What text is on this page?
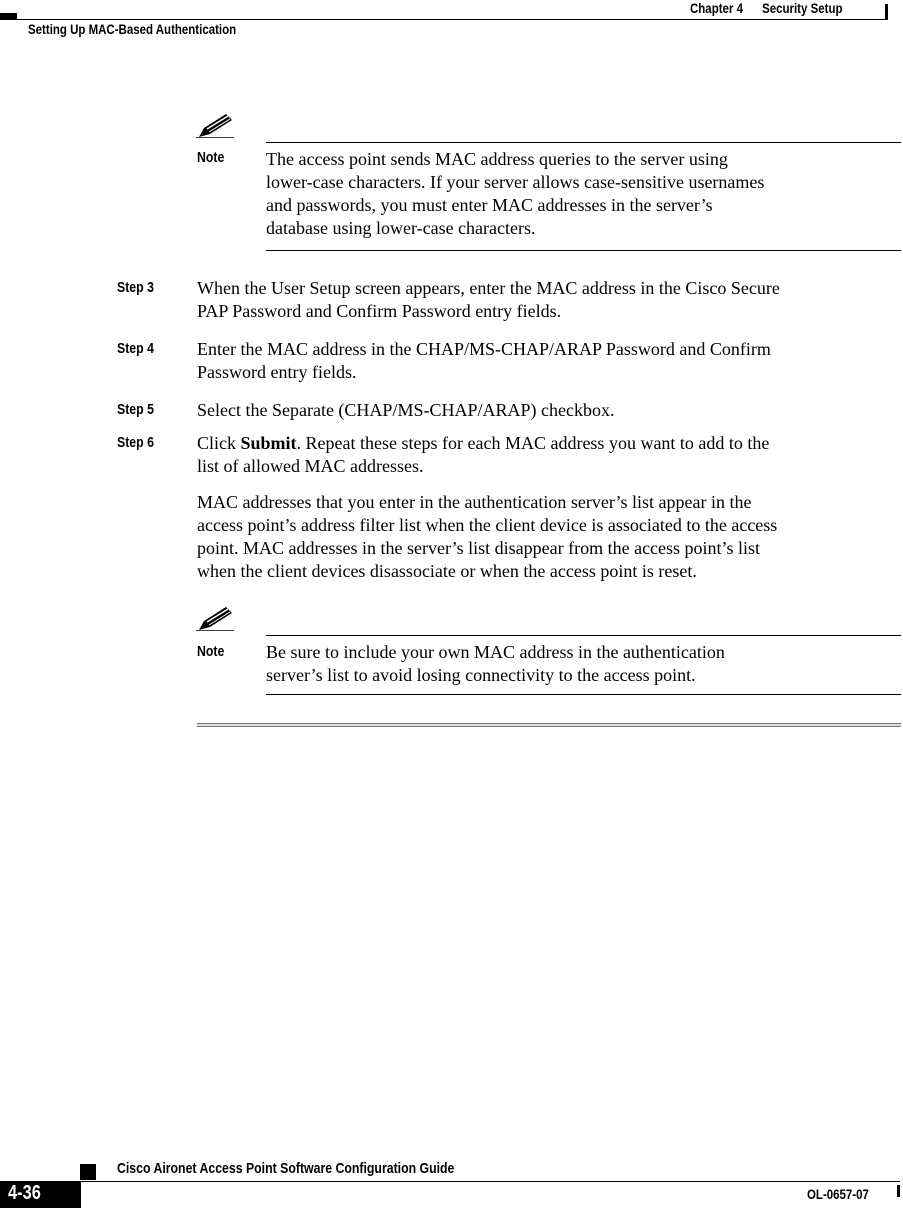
Chapter 4      Security Setup
Setting Up MAC-Based Authentication
Note The access point sends MAC address queries to the server using
lower-case characters. If your server allows case-sensitive usernames
and passwords, you must enter MAC addresses in the server’s
database using lower-case characters.
Step 3 When the User Setup screen appears, enter the MAC address in the Cisco Secure
PAP Password and Confirm Password entry fields.
Step 4 Enter the MAC address in the CHAP/MS-CHAP/ARAP Password and Confirm
Password entry fields.
Step 5 Select the Separate (CHAP/MS-CHAP/ARAP) checkbox.
Step 6 Click Submit. Repeat these steps for each MAC address you want to add to the
list of allowed MAC addresses.
MAC addresses that you enter in the authentication server’s list appear in the
access point’s address filter list when the client device is associated to the access
point. MAC addresses in the server’s list disappear from the access point’s list
when the client devices disassociate or when the access point is reset.
Note Be sure to include your own MAC address in the authentication
server’s list to avoid losing connectivity to the access point.
Cisco Aironet Access Point Software Configuration Guide
4-36	OL-0657-07
